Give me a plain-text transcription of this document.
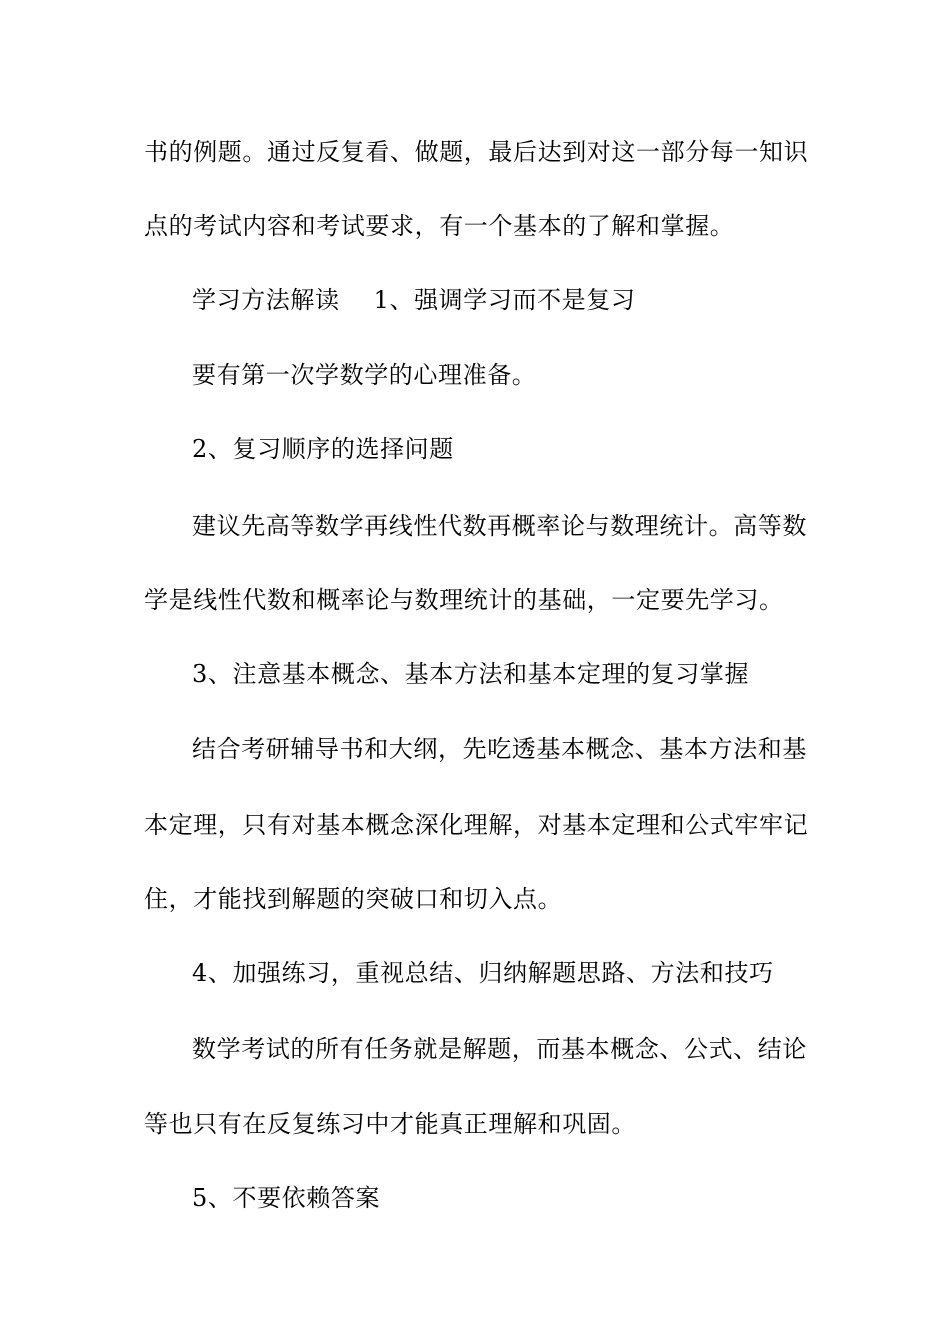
书的例题。通过反复看、做题，最后达到对这一部分每一知识
点的考试内容和考试要求，有一个基本的了解和掌握。
学习方法解读 1、强调学习而不是复习
要有第一次学数学的心理准备。
2、复习顺序的选择问题
建议先高等数学再线性代数再概率论与数理统计。高等数
学是线性代数和概率论与数理统计的基础，一定要先学习。
3、注意基本概念、基本方法和基本定理的复习掌握
结合考研辅导书和大纲，先吃透基本概念、基本方法和基
本定理，只有对基本概念深化理解，对基本定理和公式牢牢记
住，才能找到解题的突破口和切入点。
4、加强练习，重视总结、归纳解题思路、方法和技巧
数学考试的所有任务就是解题，而基本概念、公式、结论
等也只有在反复练习中才能真正理解和巩固。
5、不要依赖答案
